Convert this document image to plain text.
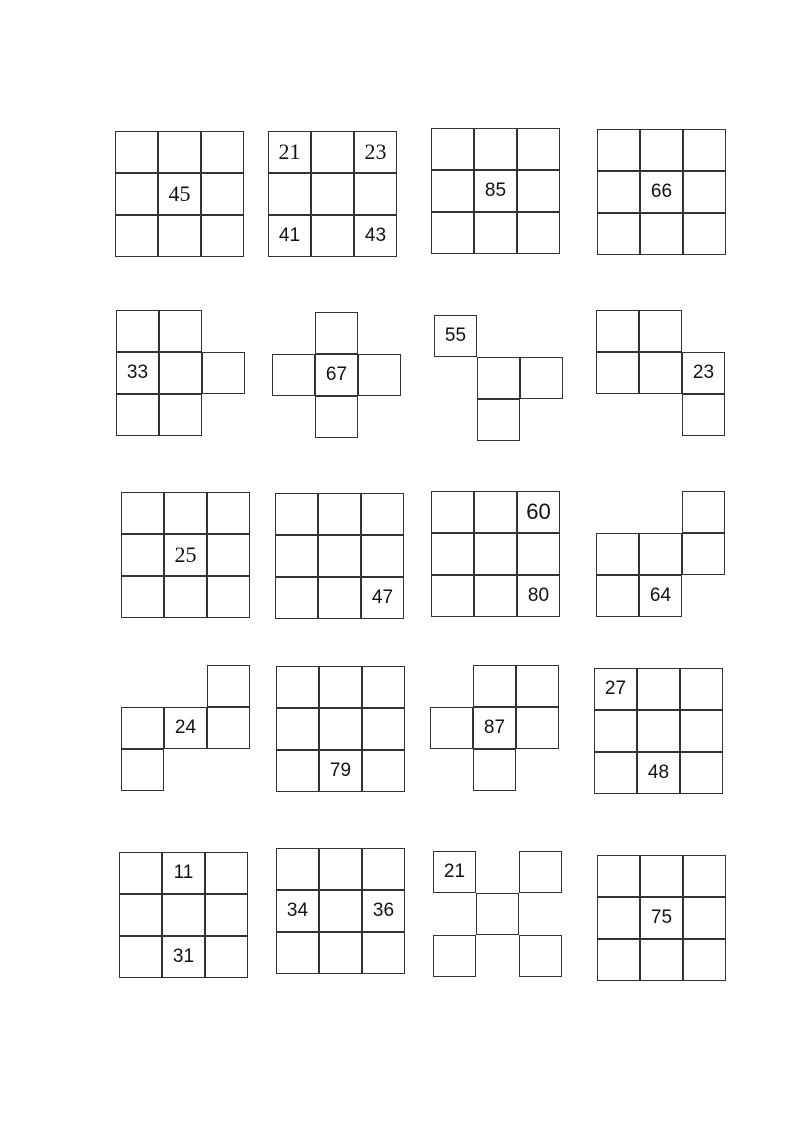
45
21	23
41	43
85	66
33	67
55
23
25
47
60
80	64
24
79
87
27
48
11
31
34	36
21
75
